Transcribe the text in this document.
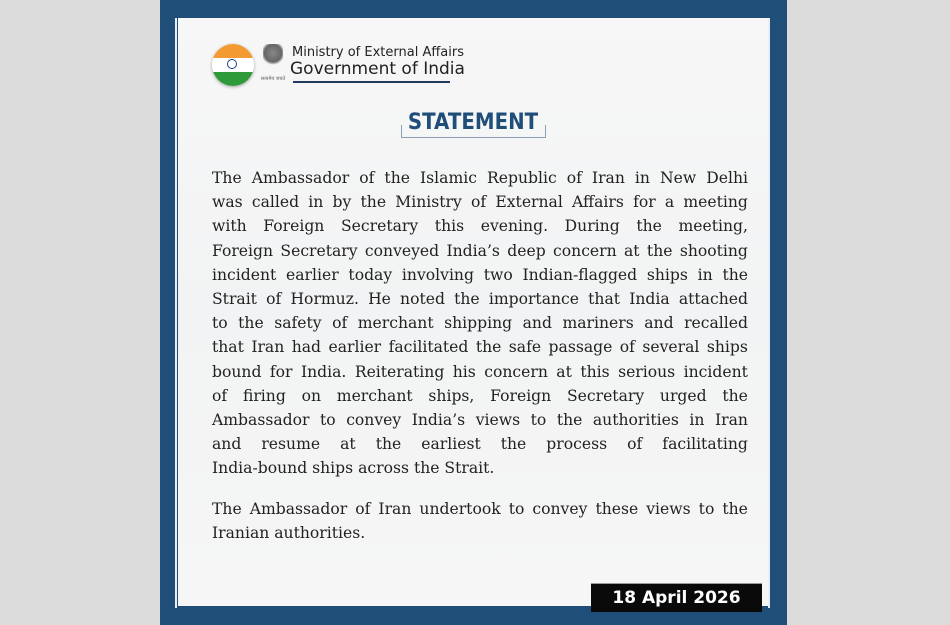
सत्यमेव जयते
Ministry of External Affairs
Government of India
STATEMENT
The Ambassador of the Islamic Republic of Iran in New Delhi
was called in by the Ministry of External Affairs for a meeting
with Foreign Secretary this evening. During the meeting,
Foreign Secretary conveyed India’s deep concern at the shooting
incident earlier today involving two Indian-flagged ships in the
Strait of Hormuz. He noted the importance that India attached
to the safety of merchant shipping and mariners and recalled
that Iran had earlier facilitated the safe passage of several ships
bound for India. Reiterating his concern at this serious incident
of firing on merchant ships, Foreign Secretary urged the
Ambassador to convey India’s views to the authorities in Iran
and resume at the earliest the process of facilitating
India-bound ships across the Strait.
The Ambassador of Iran undertook to convey these views to the
Iranian authorities.
18 April 2026
